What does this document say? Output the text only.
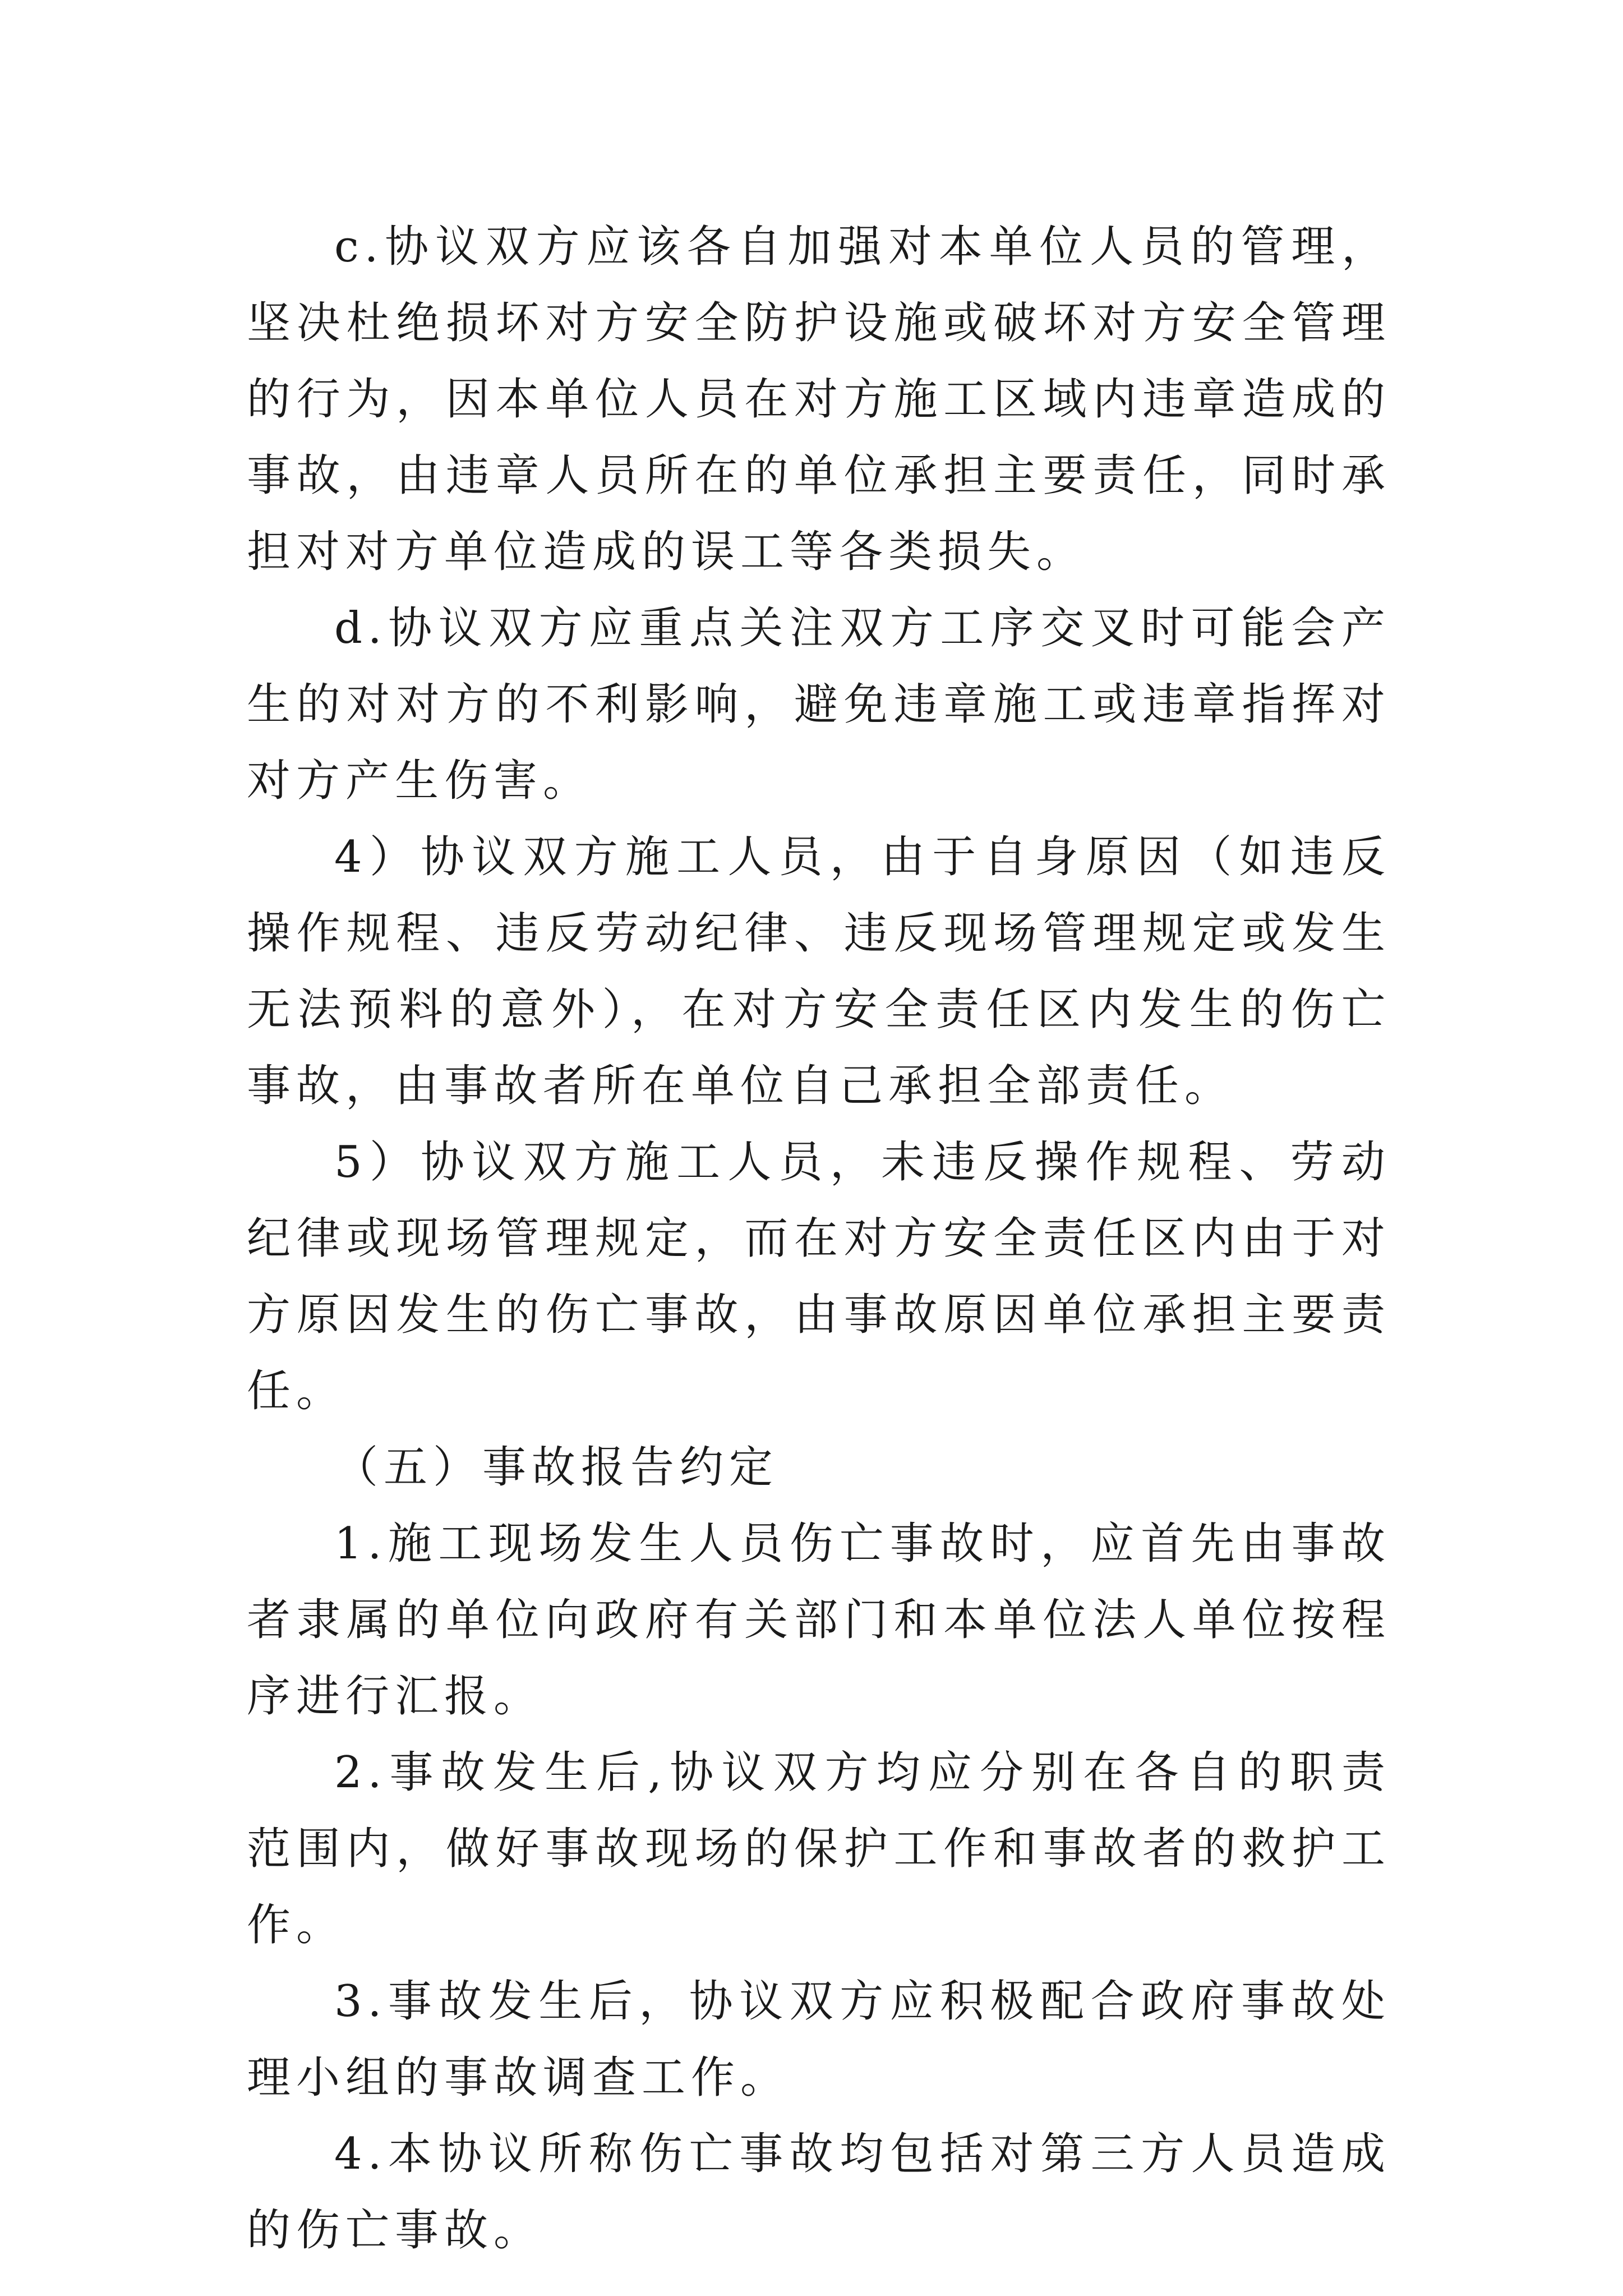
c.协议双方应该各自加强对本单位人员的管理，坚决杜绝损坏对方安全防护设施或破坏对方安全管理的行为，因本单位人员在对方施工区域内违章造成的事故，由违章人员所在的单位承担主要责任，同时承担对对方单位造成的误工等各类损失。

d.协议双方应重点关注双方工序交叉时可能会产生的对对方的不利影响，避免违章施工或违章指挥对对方产生伤害。

4）协议双方施工人员，由于自身原因（如违反操作规程、违反劳动纪律、违反现场管理规定或发生无法预料的意外），在对方安全责任区内发生的伤亡事故，由事故者所在单位自己承担全部责任。

5）协议双方施工人员，未违反操作规程、劳动纪律或现场管理规定，而在对方安全责任区内由于对方原因发生的伤亡事故，由事故原因单位承担主要责任。

（五）事故报告约定

1.施工现场发生人员伤亡事故时，应首先由事故者隶属的单位向政府有关部门和本单位法人单位按程序进行汇报。

2.事故发生后,协议双方均应分别在各自的职责范围内，做好事故现场的保护工作和事故者的救护工作。

3.事故发生后，协议双方应积极配合政府事故处理小组的事故调查工作。

4.本协议所称伤亡事故均包括对第三方人员造成的伤亡事故。
